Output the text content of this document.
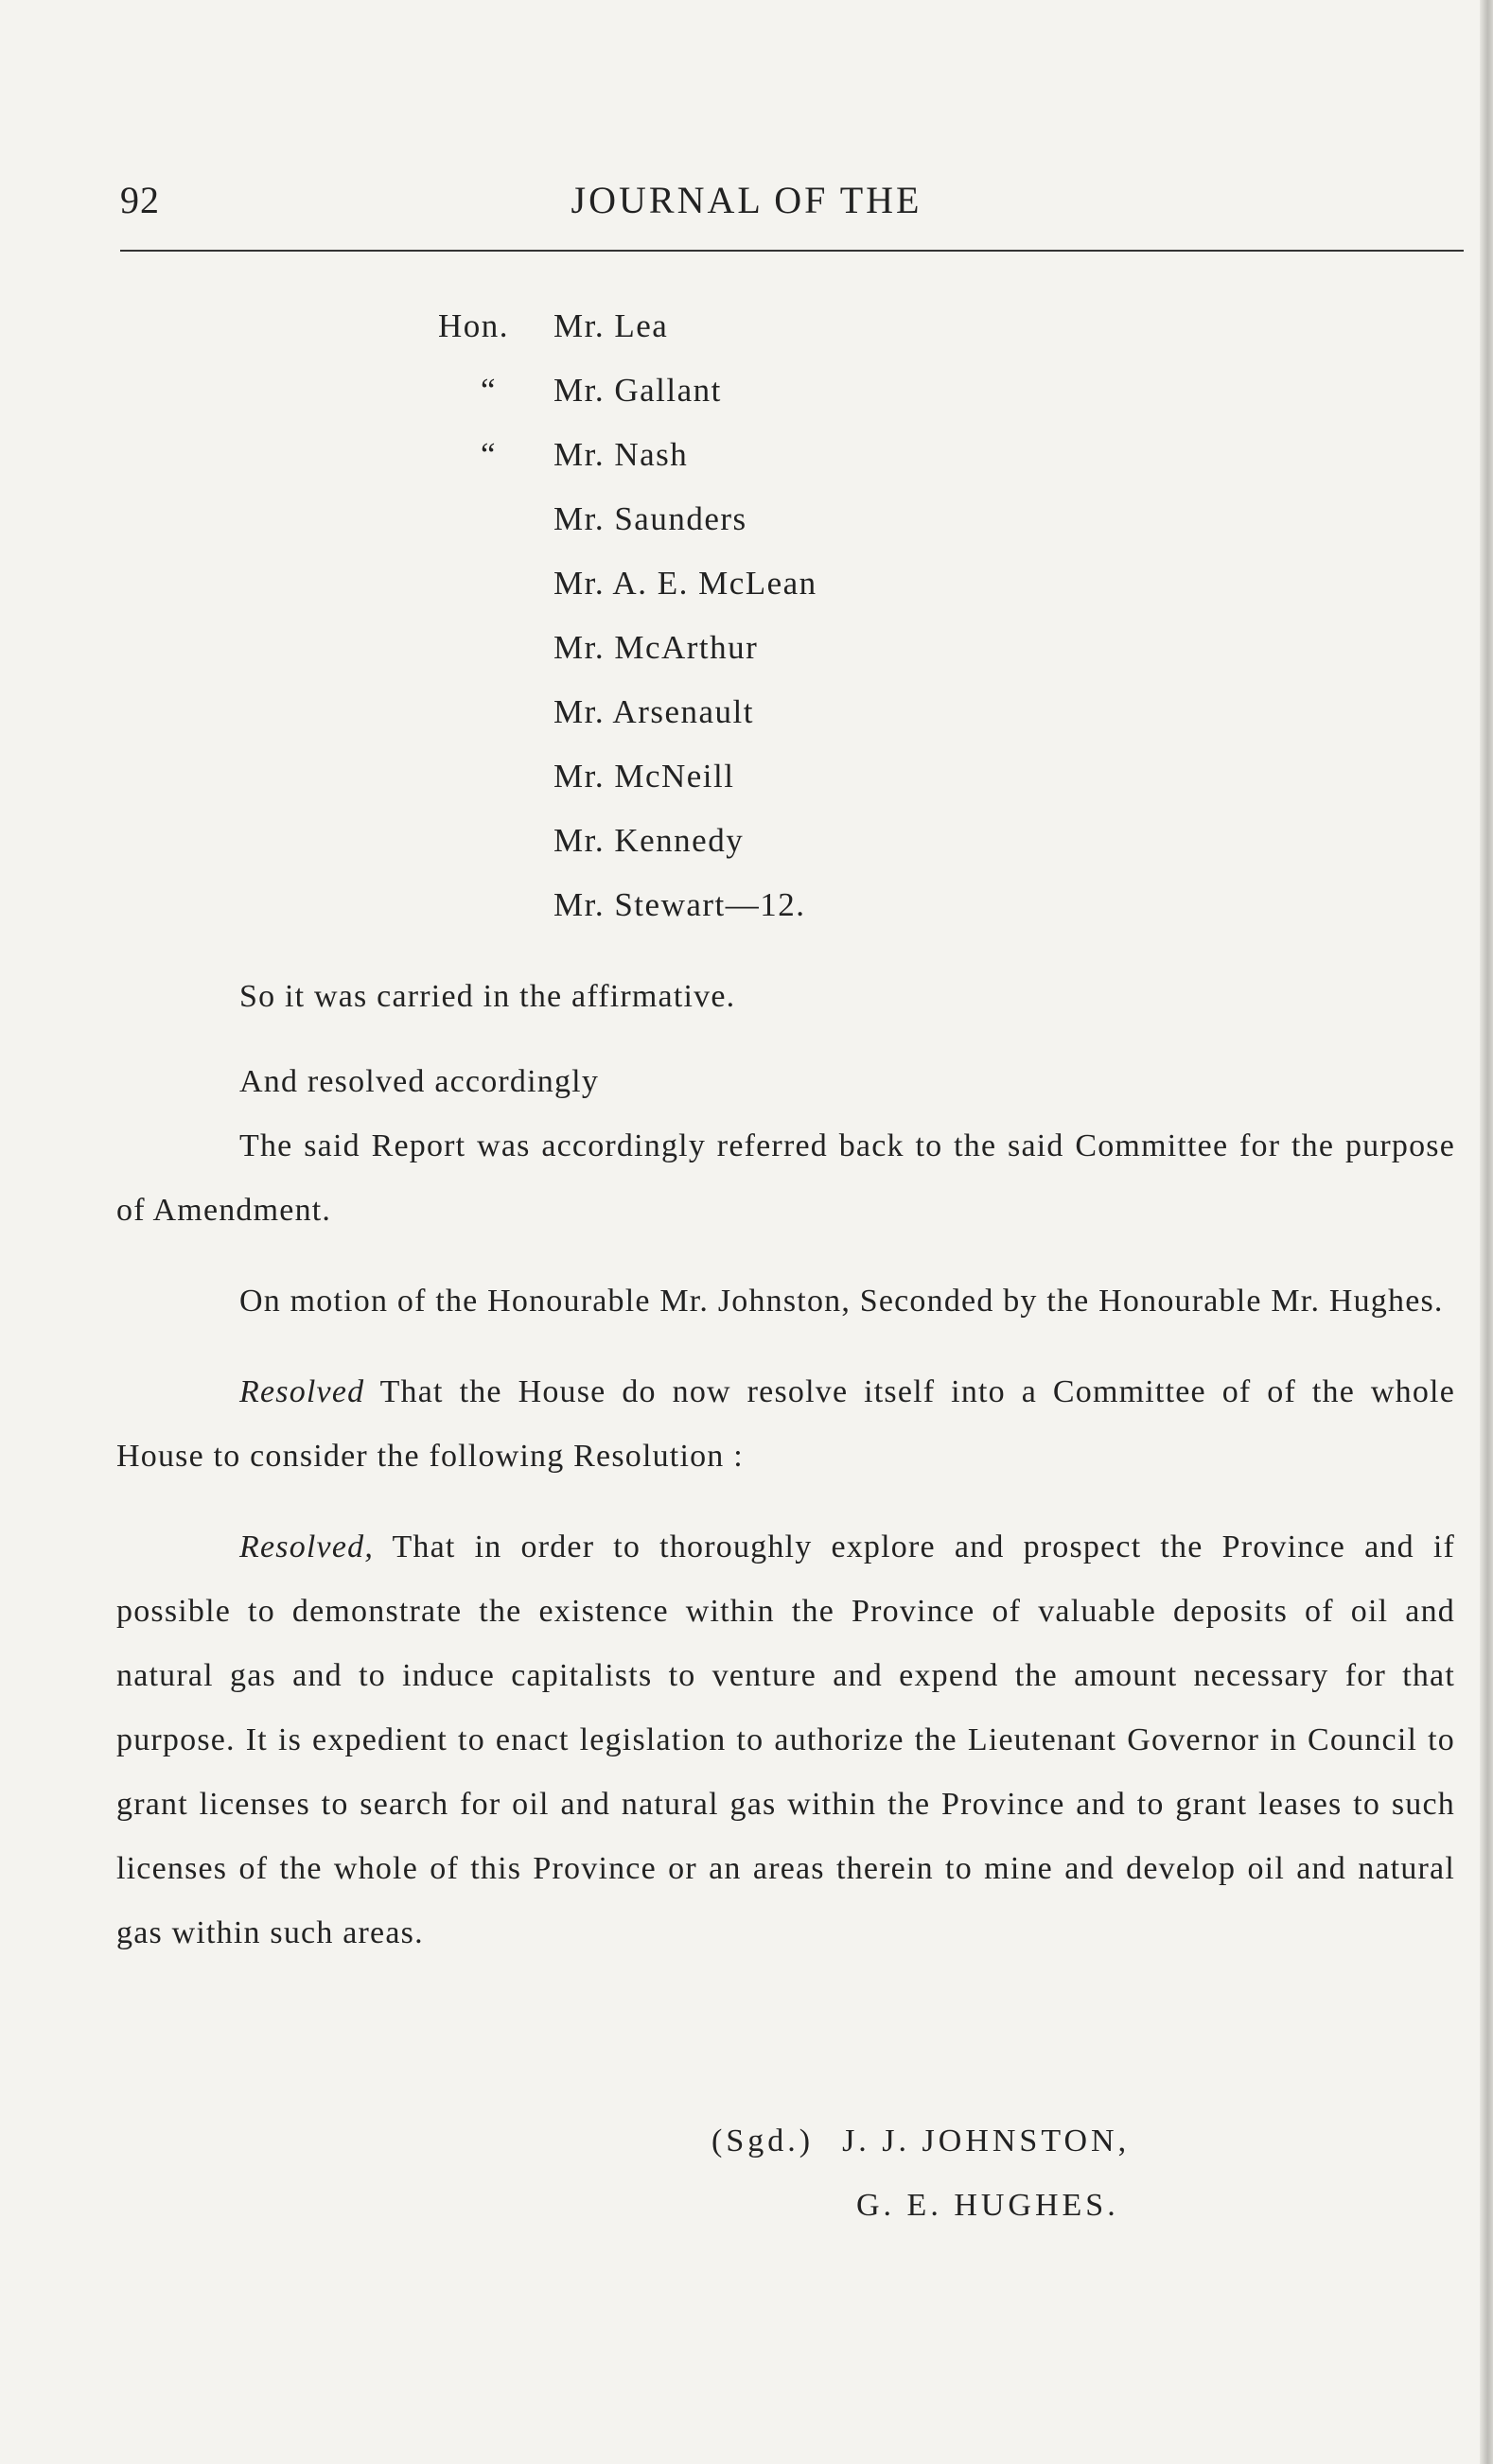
92	JOURNAL OF THE
Hon.	Mr. Lea
“	Mr. Gallant
“	Mr. Nash
Mr. Saunders
Mr. A. E. McLean
Mr. McArthur
Mr. Arsenault
Mr. McNeill
Mr. Kennedy
Mr. Stewart—12.

So it was carried in the affirmative.

And resolved accordingly

The said Report was accordingly referred back to the said Committee for the purpose of Amendment.

On motion of the Honourable Mr. Johnston, Seconded by the Honourable Mr. Hughes.

Resolved That the House do now resolve itself into a Committee of of the whole House to consider the following Resolution :

Resolved, That in order to thoroughly explore and prospect the Province and if possible to demonstrate the existence within the Province of valuable deposits of oil and natural gas and to induce capitalists to venture and expend the amount necessary for that purpose. It is expedient to enact legislation to authorize the Lieutenant Governor in Council to grant licenses to search for oil and natural gas within the Province and to grant leases to such licenses of the whole of this Province or an areas therein to mine and develop oil and natural gas within such areas.

(Sgd.) J. J. JOHNSTON,
G. E. HUGHES.
